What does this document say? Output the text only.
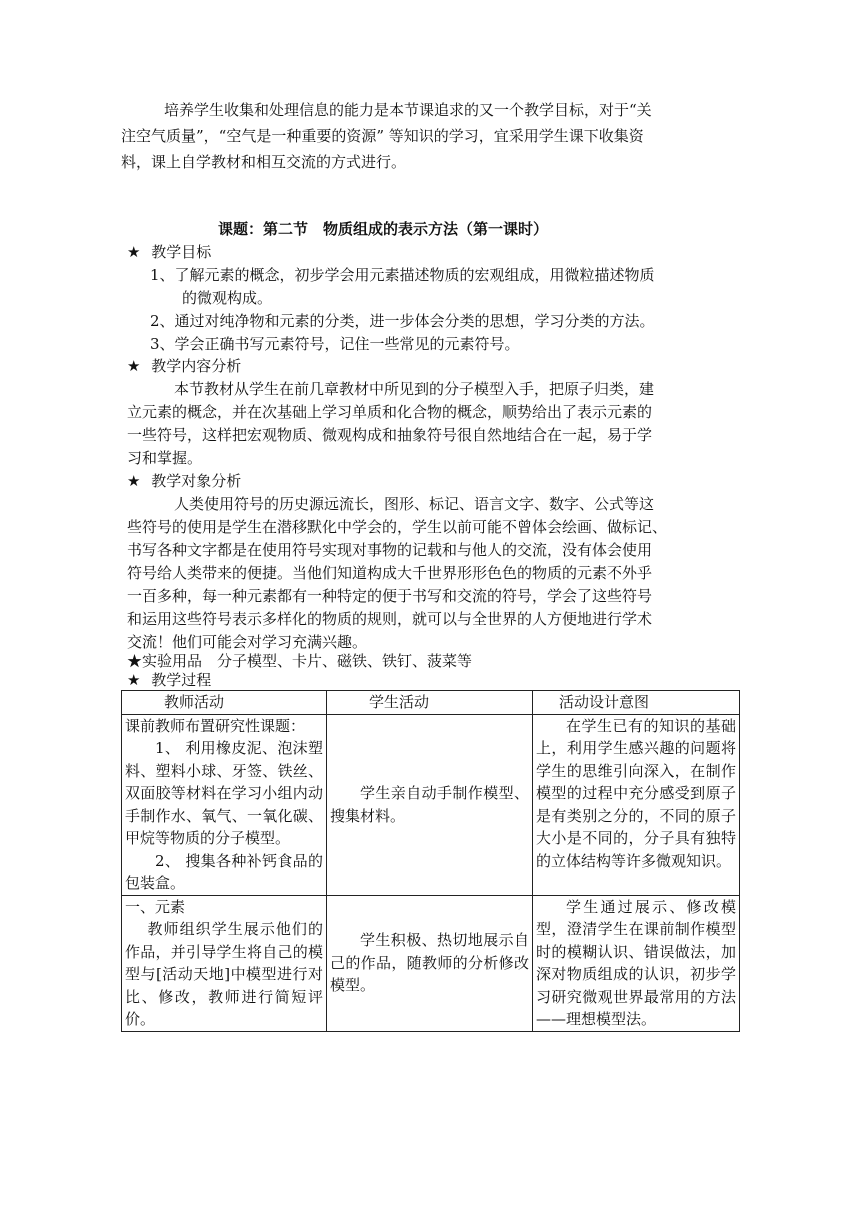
培养学生收集和处理信息的能力是本节课追求的又一个教学目标，对于“关
注空气质量”，“空气是一种重要的资源” 等知识的学习，宜采用学生课下收集资
料，课上自学教材和相互交流的方式进行。
课题：第二节　物质组成的表示方法（第一课时）
★ 教学目标
1、了解元素的概念，初步学会用元素描述物质的宏观组成，用微粒描述物质
的微观构成。
2、通过对纯净物和元素的分类，进一步体会分类的思想，学习分类的方法。
3、学会正确书写元素符号，记住一些常见的元素符号。
★ 教学内容分析
本节教材从学生在前几章教材中所见到的分子模型入手，把原子归类，建
立元素的概念，并在次基础上学习单质和化合物的概念，顺势给出了表示元素的
一些符号，这样把宏观物质、微观构成和抽象符号很自然地结合在一起，易于学
习和掌握。
★ 教学对象分析
人类使用符号的历史源远流长，图形、标记、语言文字、数字、公式等这
些符号的使用是学生在潜移默化中学会的，学生以前可能不曾体会绘画、做标记、
书写各种文字都是在使用符号实现对事物的记载和与他人的交流，没有体会使用
符号给人类带来的便捷。当他们知道构成大千世界形形色色的物质的元素不外乎
一百多种，每一种元素都有一种特定的便于书写和交流的符号，学会了这些符号
和运用这些符号表示多样化的物质的规则，就可以与全世界的人方便地进行学术
交流！他们可能会对学习充满兴趣。
★实验用品　分子模型、卡片、磁铁、铁钉、菠菜等
★ 教学过程
教师活动	学生活动	活动设计意图

课前教师布置研究性课题：
1、 利用橡皮泥、泡沫塑料、塑料小球、牙签、铁丝、双面胶等材料在学习小组内动手制作水、氧气、一氧化碳、甲烷等物质的分子模型。
2、 搜集各种补钙食品的包装盒。	学生亲自动手制作模型、搜集材料。	在学生已有的知识的基础上，利用学生感兴趣的问题将学生的思维引向深入，在制作模型的过程中充分感受到原子是有类别之分的，不同的原子大小是不同的，分子具有独特的立体结构等许多微观知识。

一、元素
教师组织学生展示他们的作品，并引导学生将自己的模型与[活动天地]中模型进行对比、修改，教师进行简短评价。	学生积极、热切地展示自己的作品，随教师的分析修改模型。	学生通过展示、修改模型，澄清学生在课前制作模型时的模糊认识、错误做法，加深对物质组成的认识，初步学习研究微观世界最常用的方法——理想模型法。
